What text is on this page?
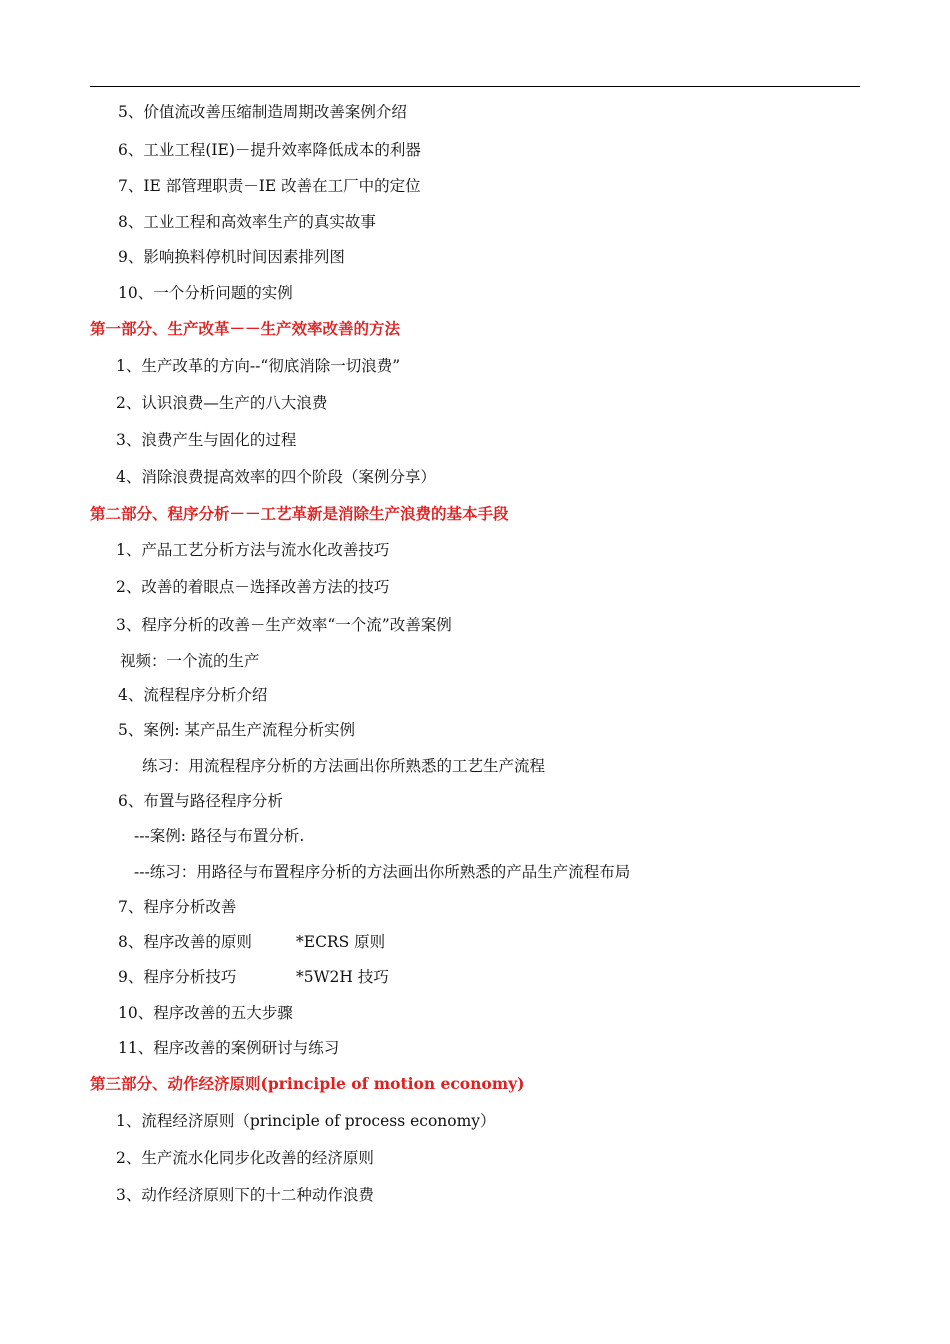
5、价值流改善压缩制造周期改善案例介绍
6、工业工程(IE)－提升效率降低成本的利器
7、IE 部管理职责－IE 改善在工厂中的定位
8、工业工程和高效率生产的真实故事
9、影响换料停机时间因素排列图
10、一个分析问题的实例
第一部分、生产改革－－生产效率改善的方法
1、生产改革的方向--“彻底消除一切浪费”
2、认识浪费—生产的八大浪费
3、浪费产生与固化的过程
4、消除浪费提高效率的四个阶段（案例分享）
第二部分、程序分析－－工艺革新是消除生产浪费的基本手段
1、产品工艺分析方法与流水化改善技巧
2、改善的着眼点－选择改善方法的技巧
3、程序分析的改善－生产效率“一个流”改善案例
视频：一个流的生产
4、流程程序分析介绍
5、案例: 某产品生产流程分析实例
练习：用流程程序分析的方法画出你所熟悉的工艺生产流程
6、布置与路径程序分析
---案例: 路径与布置分析.
---练习：用路径与布置程序分析的方法画出你所熟悉的产品生产流程布局
7、程序分析改善
8、程序改善的原则	*ECRS 原则
9、程序分析技巧	*5W2H 技巧
10、程序改善的五大步骤
11、程序改善的案例研讨与练习
第三部分、动作经济原则(principle of motion economy)
1、流程经济原则（principle of process economy）
2、生产流水化同步化改善的经济原则
3、动作经济原则下的十二种动作浪费
